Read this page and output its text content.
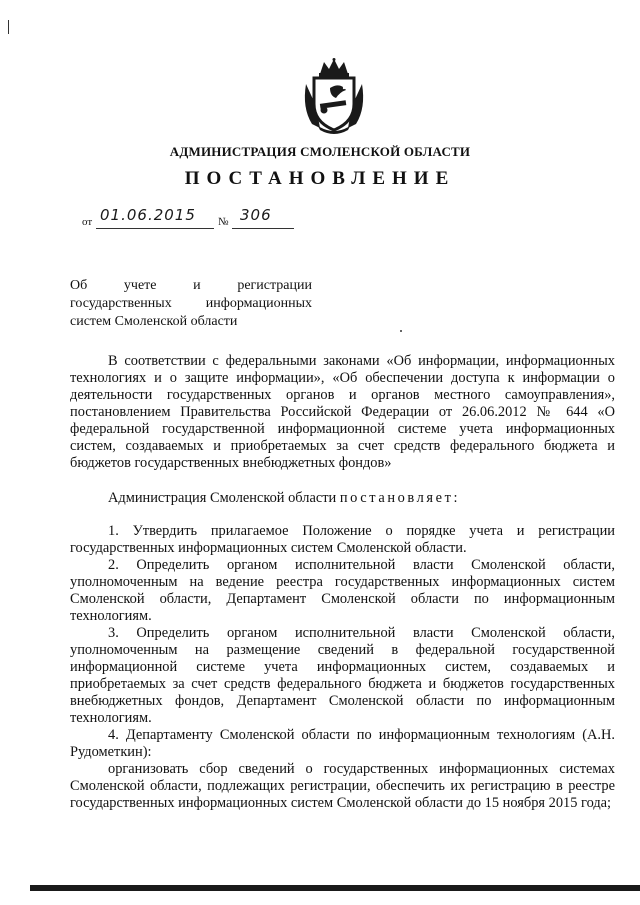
АДМИНИСТРАЦИЯ СМОЛЕНСКОЙ ОБЛАСТИ
ПОСТАНОВЛЕНИЕ
от 01.06.2015 № 306
Об учете и регистрации
государственных информационных
систем Смоленской области

В соответствии с федеральными законами «Об информации, информационных технологиях и о защите информации», «Об обеспечении доступа к информации о деятельности государственных органов и органов местного самоуправления», постановлением Правительства Российской Федерации от 26.06.2012 № 644 «О федеральной государственной информационной системе учета информационных систем, создаваемых и приобретаемых за счет средств федерального бюджета и бюджетов государственных внебюджетных фондов»

Администрация Смоленской области постановляет:

1. Утвердить прилагаемое Положение о порядке учета и регистрации государственных информационных систем Смоленской области.

2. Определить органом исполнительной власти Смоленской области, уполномоченным на ведение реестра государственных информационных систем Смоленской области, Департамент Смоленской области по информационным технологиям.

3. Определить органом исполнительной власти Смоленской области, уполномоченным на размещение сведений в федеральной государственной информационной системе учета информационных систем, создаваемых и приобретаемых за счет средств федерального бюджета и бюджетов государственных внебюджетных фондов, Департамент Смоленской области по информационным технологиям.

4. Департаменту Смоленской области по информационным технологиям (А.Н. Рудометкин):

организовать сбор сведений о государственных информационных системах Смоленской области, подлежащих регистрации, обеспечить их регистрацию в реестре государственных информационных систем Смоленской области до 15 ноября 2015 года;
